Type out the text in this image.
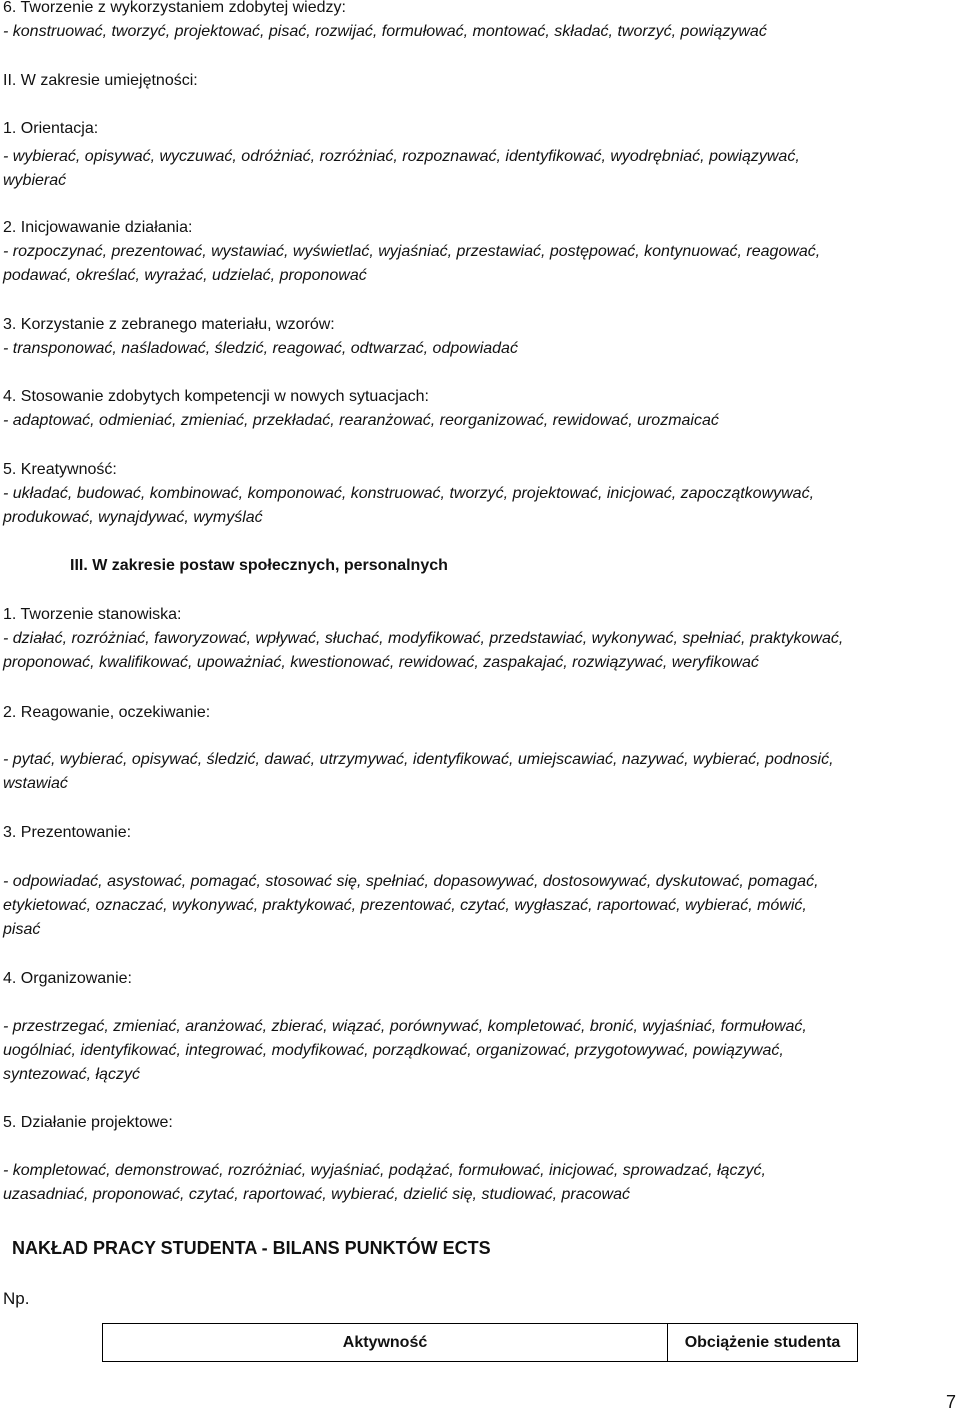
6. Tworzenie z wykorzystaniem zdobytej wiedzy:

- konstruować, tworzyć, projektować, pisać, rozwijać, formułować, montować, składać, tworzyć, powiązywać

II. W zakresie umiejętności:

1. Orientacja:

- wybierać, opisywać, wyczuwać, odróżniać, rozróżniać, rozpoznawać, identyfikować, wyodrębniać, powiązywać,

wybierać

2. Inicjowawanie działania:

- rozpoczynać, prezentować, wystawiać, wyświetlać, wyjaśniać, przestawiać, postępować, kontynuować, reagować,

podawać, określać, wyrażać, udzielać, proponować

3. Korzystanie z zebranego materiału, wzorów:

- transponować, naśladować, śledzić, reagować, odtwarzać, odpowiadać

4. Stosowanie zdobytych kompetencji w nowych sytuacjach:

- adaptować, odmieniać, zmieniać, przekładać, rearanżować, reorganizować, rewidować, urozmaicać

5. Kreatywność:

- układać, budować, kombinować, komponować, konstruować, tworzyć, projektować, inicjować, zapoczątkowywać,

produkować, wynajdywać, wymyślać

III. W zakresie postaw społecznych, personalnych

1. Tworzenie stanowiska:

- działać, rozróżniać, faworyzować, wpływać, słuchać, modyfikować, przedstawiać, wykonywać, spełniać, praktykować,

proponować, kwalifikować, upoważniać, kwestionować, rewidować, zaspakajać, rozwiązywać, weryfikować

2. Reagowanie, oczekiwanie:

- pytać, wybierać, opisywać, śledzić, dawać, utrzymywać, identyfikować, umiejscawiać, nazywać, wybierać, podnosić,

wstawiać

3. Prezentowanie:

- odpowiadać, asystować, pomagać, stosować się, spełniać, dopasowywać, dostosowywać, dyskutować, pomagać,

etykietować, oznaczać, wykonywać, praktykować, prezentować, czytać, wygłaszać, raportować, wybierać, mówić,

pisać

4. Organizowanie:

- przestrzegać, zmieniać, aranżować, zbierać, wiązać, porównywać, kompletować, bronić, wyjaśniać, formułować,

uogólniać, identyfikować, integrować, modyfikować, porządkować, organizować, przygotowywać, powiązywać,

syntezować, łączyć

5. Działanie projektowe:

- kompletować, demonstrować, rozróżniać, wyjaśniać, podążać, formułować, inicjować, sprowadzać, łączyć,

uzasadniać, proponować, czytać, raportować, wybierać, dzielić się, studiować, pracować

NAKŁAD PRACY STUDENTA - BILANS PUNKTÓW ECTS

Np.

Aktywność	Obciążenie studenta
7
